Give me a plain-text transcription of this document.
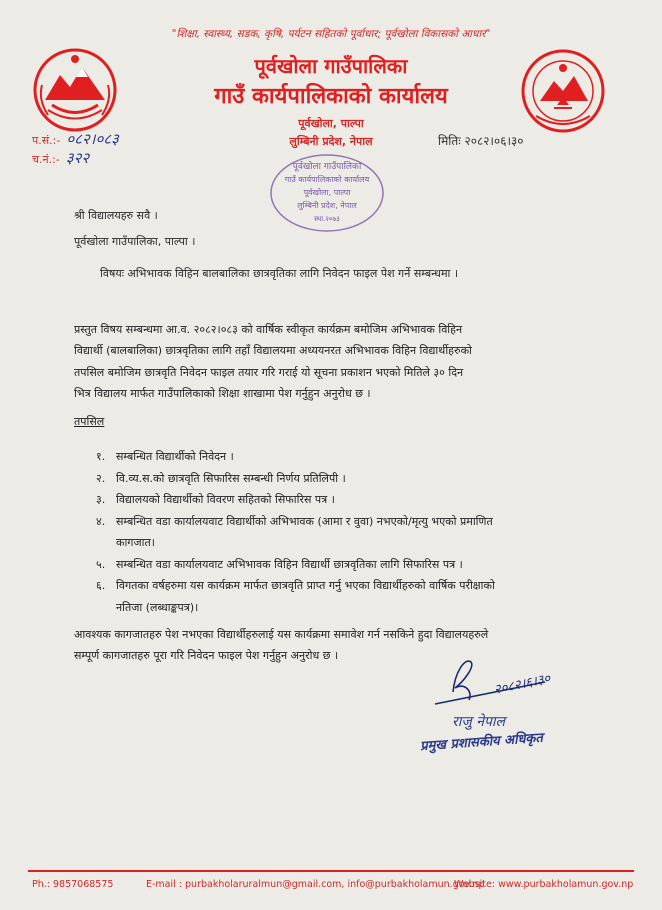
"शिक्षा, स्वास्थ्य, सडक, कृषि, पर्यटन सहितको पूर्वाधार; पूर्वखोला विकासको आधार"
पूर्वखोला गाउँपालिका
गाउँ कार्यपालिकाको कार्यालय
पूर्वखोला, पाल्पा
लुम्बिनी प्रदेश, नेपाल
प.सं.:- ०८२।०८३
च.नं.:- ३२२
मितिः २०८२।०६।३०
पूर्वखोला गाउँपालिका
गाउँ कार्यपालिकाको कार्यालय
पूर्वखोला, पाल्पा
लुम्बिनी प्रदेश, नेपाल
स्था.२०७३
श्री विद्यालयहरु सवै ।
पूर्वखोला गाउँपालिका, पाल्पा ।
विषयः अभिभावक विहिन बालबालिका छात्रवृतिका लागि निवेदन फाइल पेश गर्ने सम्बन्धमा ।
प्रस्तुत विषय सम्बन्धमा आ.व. २०८२।०८३ को वार्षिक स्वीकृत कार्यक्रम बमोजिम अभिभावक विहिन
विद्यार्थी (बालबालिका) छात्रवृतिका लागि तहाँ विद्यालयमा अध्ययनरत अभिभावक विहिन विद्यार्थीहरुको
तपसिल बमोजिम छात्रवृति निवेदन फाइल तयार गरि गराई यो सूचना प्रकाशन भएको मितिले ३० दिन
भित्र विद्यालय मार्फत गाउँपालिकाको शिक्षा शाखामा पेश गर्नुहुन अनुरोध छ ।
तपसिल
१. सम्बन्धित विद्यार्थीको निवेदन ।
२. वि.व्य.स.को छात्रवृति सिफारिस सम्बन्धी निर्णय प्रतिलिपी ।
३. विद्यालयको विद्यार्थीको विवरण सहितको सिफारिस पत्र ।
४. सम्बन्धित वडा कार्यालयवाट विद्यार्थीको अभिभावक (आमा र वुवा) नभएको/मृत्यु भएको प्रमाणित
कागजात।
५. सम्बन्धित वडा कार्यालयवाट अभिभावक विहिन विद्यार्थी छात्रवृतिका लागि सिफारिस पत्र ।
६. विगतका वर्षहरुमा यस कार्यक्रम मार्फत छात्रवृति प्राप्त गर्नु भएका विद्यार्थीहरुको वार्षिक परीक्षाको
नतिजा (लब्धाङ्कपत्र)।
आवश्यक कागजातहरु पेश नभएका विद्यार्थीहरुलाई यस कार्यक्रमा समावेश गर्न नसकिने हुदा विद्यालयहरुले
सम्पूर्ण कागजातहरु पूरा गरि निवेदन फाइल पेश गर्नुहुन अनुरोध छ ।
२०८२।६।३०
राजु नेपाल
प्रमुख प्रशासकीय अधिकृत
Ph.: 9857068575	E-mail : purbakholaruralmun@gmail.com, info@purbakholamun.gov.np
Website: www.purbakholamun.gov.np
